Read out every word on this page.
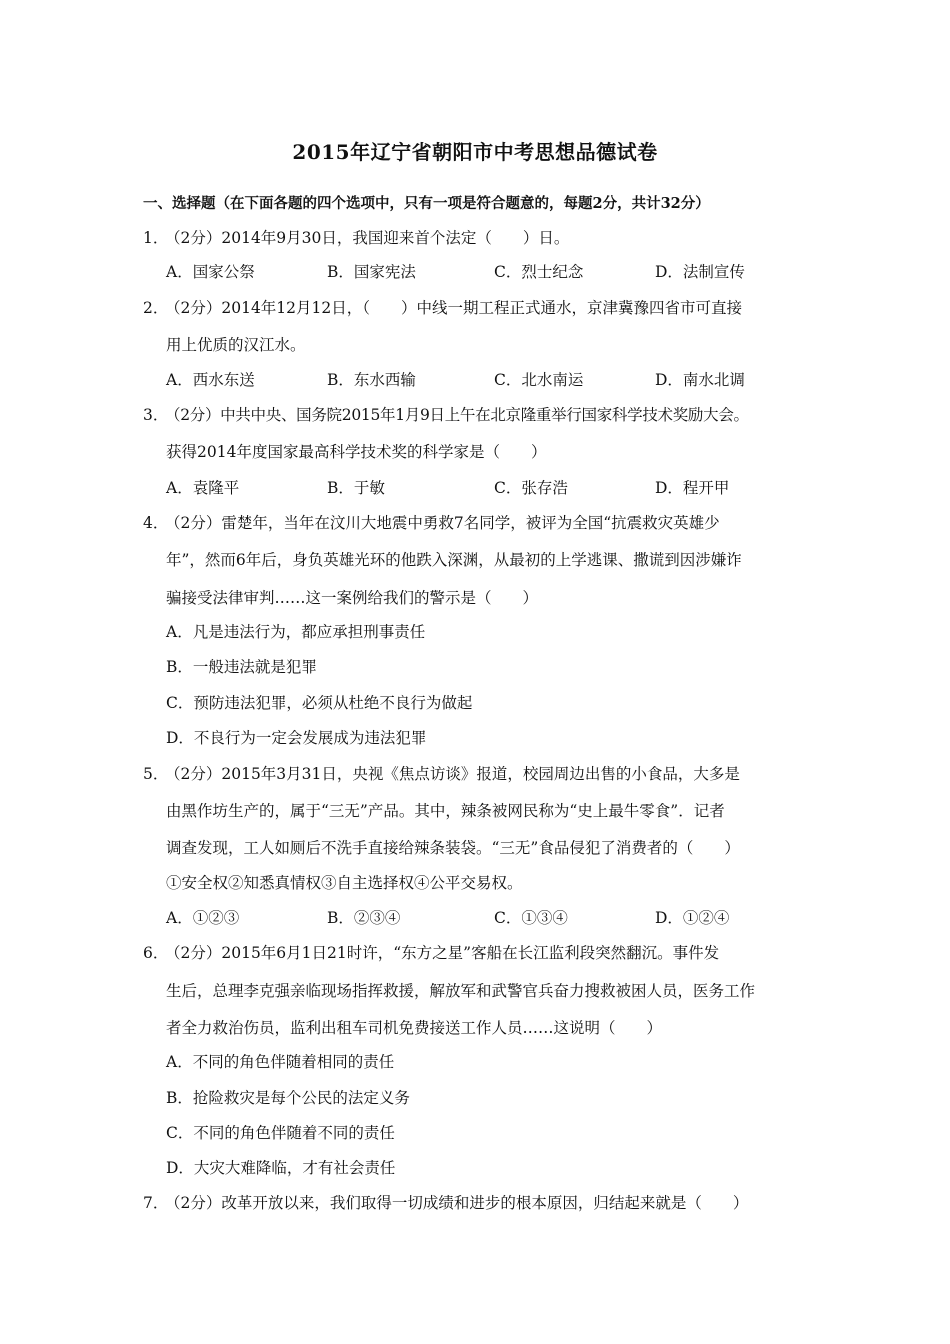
2015年辽宁省朝阳市中考思想品德试卷
一、选择题（在下面各题的四个选项中，只有一项是符合题意的，每题2分，共计32分）
1．（2分）2014年9月30日，我国迎来首个法定（　　）日。
A．国家公祭	B．国家宪法	C．烈士纪念	D．法制宣传
2．（2分）2014年12月12日，（　　）中线一期工程正式通水，京津冀豫四省市可直接
用上优质的汉江水。
A．西水东送	B．东水西输	C．北水南运	D．南水北调
3．（2分）中共中央、国务院2015年1月9日上午在北京隆重举行国家科学技术奖励大会。
获得2014年度国家最高科学技术奖的科学家是（　　）
A．袁隆平	B．于敏	C．张存浩	D．程开甲
4．（2分）雷楚年，当年在汶川大地震中勇救7名同学，被评为全国“抗震救灾英雄少
年”，然而6年后，身负英雄光环的他跌入深渊，从最初的上学逃课、撒谎到因涉嫌诈
骗接受法律审判……这一案例给我们的警示是（　　）
A．凡是违法行为，都应承担刑事责任
B．一般违法就是犯罪
C．预防违法犯罪，必须从杜绝不良行为做起
D．不良行为一定会发展成为违法犯罪
5．（2分）2015年3月31日，央视《焦点访谈》报道，校园周边出售的小食品，大多是
由黑作坊生产的，属于“三无”产品。其中，辣条被网民称为“史上最牛零食”．记者
调查发现，工人如厕后不洗手直接给辣条装袋。“三无”食品侵犯了消费者的（　　）
①安全权②知悉真情权③自主选择权④公平交易权。
A．①②③	B．②③④	C．①③④	D．①②④
6．（2分）2015年6月1日21时许，“东方之星”客船在长江监利段突然翻沉。事件发
生后，总理李克强亲临现场指挥救援，解放军和武警官兵奋力搜救被困人员，医务工作
者全力救治伤员，监利出租车司机免费接送工作人员……这说明（　　）
A．不同的角色伴随着相同的责任
B．抢险救灾是每个公民的法定义务
C．不同的角色伴随着不同的责任
D．大灾大难降临，才有社会责任
7．（2分）改革开放以来，我们取得一切成绩和进步的根本原因，归结起来就是（　　）
